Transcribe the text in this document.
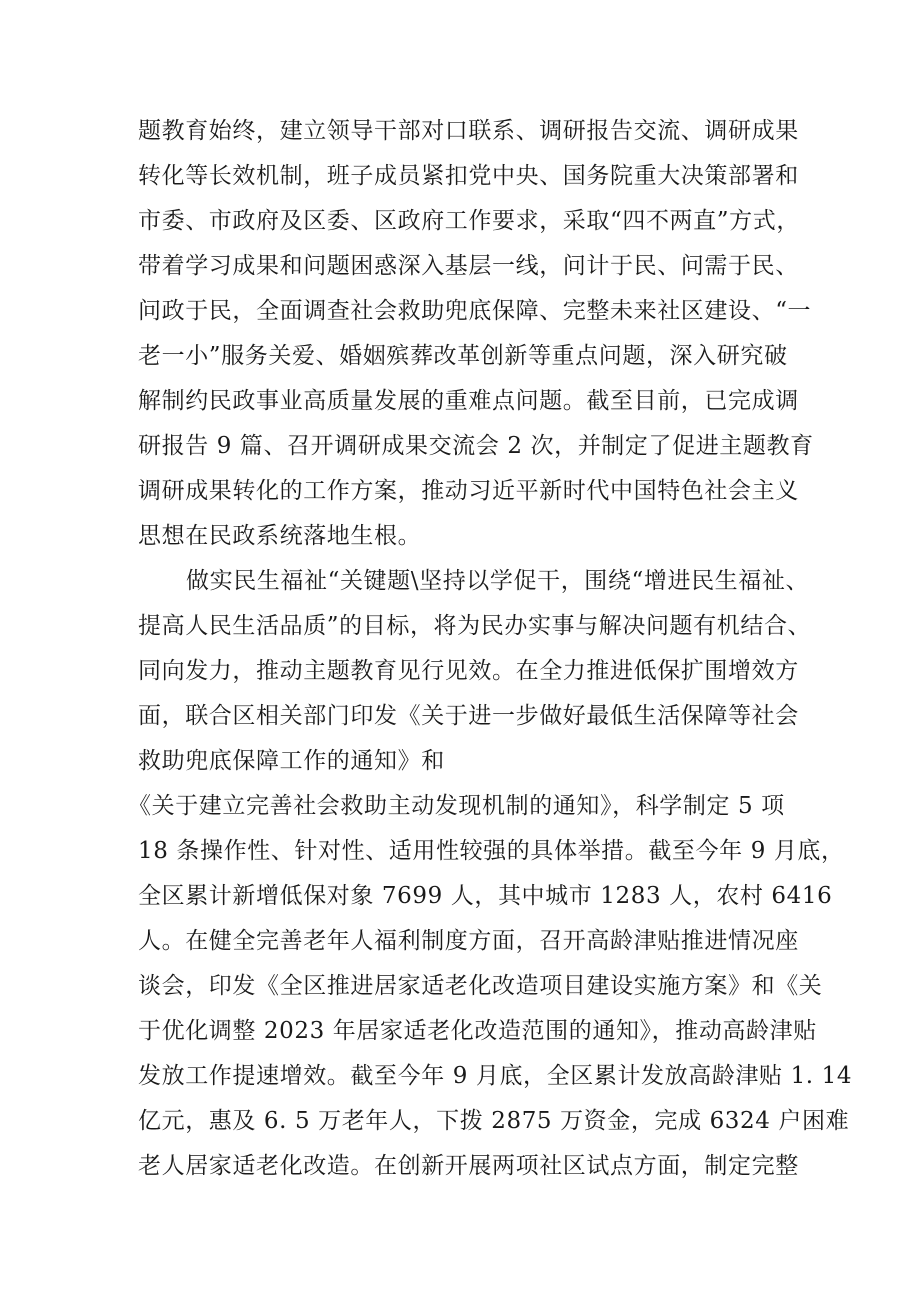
题教育始终，建立领导干部对口联系、调研报告交流、调研成果
转化等长效机制，班子成员紧扣党中央、国务院重大决策部署和
市委、市政府及区委、区政府工作要求，采取“四不两直”方式，
带着学习成果和问题困惑深入基层一线，问计于民、问需于民、
问政于民，全面调查社会救助兜底保障、完整未来社区建设、“一
老一小”服务关爱、婚姻殡葬改革创新等重点问题，深入研究破
解制约民政事业高质量发展的重难点问题。截至目前，已完成调
研报告 9 篇、召开调研成果交流会 2 次，并制定了促进主题教育
调研成果转化的工作方案，推动习近平新时代中国特色社会主义
思想在民政系统落地生根。
做实民生福祉“关键题\坚持以学促干，围绕“增进民生福祉、
提高人民生活品质”的目标，将为民办实事与解决问题有机结合、
同向发力，推动主题教育见行见效。在全力推进低保扩围增效方
面，联合区相关部门印发《关于进一步做好最低生活保障等社会
救助兜底保障工作的通知》和
《关于建立完善社会救助主动发现机制的通知》，科学制定 5 项
18 条操作性、针对性、适用性较强的具体举措。截至今年 9 月底，
全区累计新增低保对象 7699 人，其中城市 1283 人，农村 6416
人。在健全完善老年人福利制度方面，召开高龄津贴推进情况座
谈会，印发《全区推进居家适老化改造项目建设实施方案》和《关
于优化调整 2023 年居家适老化改造范围的通知》，推动高龄津贴
发放工作提速增效。截至今年 9 月底，全区累计发放高龄津贴 1. 14
亿元，惠及 6. 5 万老年人，下拨 2875 万资金，完成 6324 户困难
老人居家适老化改造。在创新开展两项社区试点方面，制定完整
